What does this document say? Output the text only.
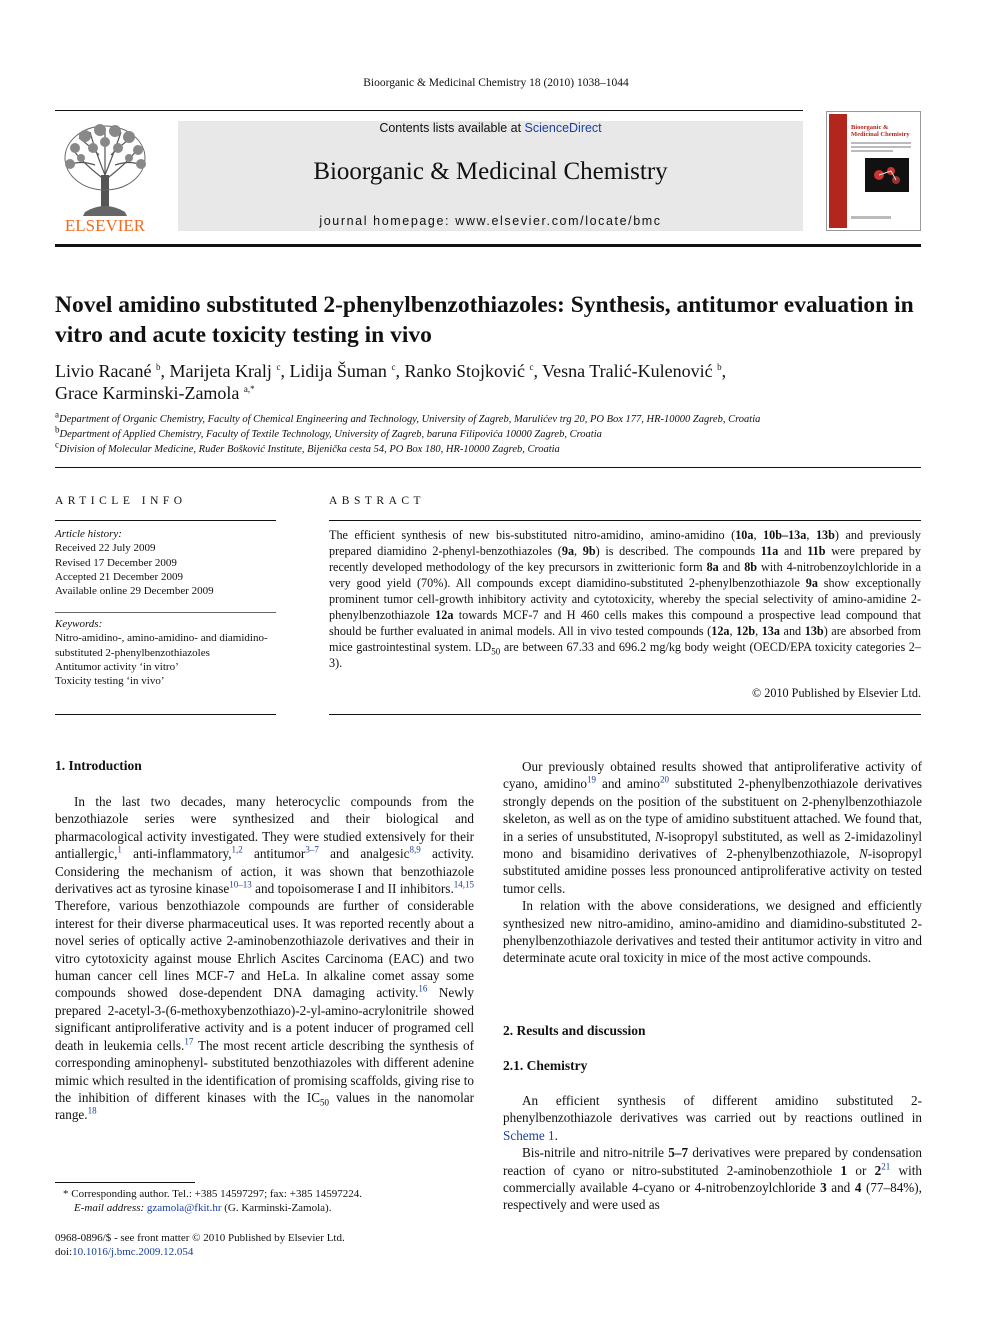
Bioorganic & Medicinal Chemistry 18 (2010) 1038–1044
ELSEVIER
Contents lists available at ScienceDirect
Bioorganic & Medicinal Chemistry
journal homepage: www.elsevier.com/locate/bmc
Bioorganic & Medicinal Chemistry
Novel amidino substituted 2-phenylbenzothiazoles: Synthesis, antitumor evaluation in vitro and acute toxicity testing in vivo
Livio Racané $^b$, Marijeta Kralj $^c$, Lidija Šuman $^c$, Ranko Stojković $^c$, Vesna Tralić-Kulenović $^b$,
Grace Karminski-Zamola $^{a,*}$
$^a$Department of Organic Chemistry, Faculty of Chemical Engineering and Technology, University of Zagreb, Marulićev trg 20, PO Box 177, HR-10000 Zagreb, Croatia
$^b$Department of Applied Chemistry, Faculty of Textile Technology, University of Zagreb, baruna Filipovića 10000 Zagreb, Croatia
$^c$Division of Molecular Medicine, Ruđer Bošković Institute, Bijenička cesta 54, PO Box 180, HR-10000 Zagreb, Croatia
ARTICLE INFO
Article history:
Received 22 July 2009
Revised 17 December 2009
Accepted 21 December 2009
Available online 29 December 2009
Keywords:
Nitro-amidino-, amino-amidino- and diamidino-substituted 2-phenylbenzothiazoles
Antitumor activity ‘in vitro’
Toxicity testing ‘in vivo’
ABSTRACT
The efficient synthesis of new bis-substituted nitro-amidino, amino-amidino (10a, 10b–13a, 13b) and previously prepared diamidino 2-phenyl-benzothiazoles (9a, 9b) is described. The compounds 11a and 11b were prepared by recently developed methodology of the key precursors in zwitterionic form 8a and 8b with 4-nitrobenzoylchloride in a very good yield (70%). All compounds except diamidino-substituted 2-phenylbenzothiazole 9a show exceptionally prominent tumor cell-growth inhibitory activity and cytotoxicity, whereby the special selectivity of amino-amidine 2-phenylbenzothiazole 12a towards MCF-7 and H 460 cells makes this compound a prospective lead compound that should be further evaluated in animal models. All in vivo tested compounds (12a, 12b, 13a and 13b) are absorbed from mice gastrointestinal system. $LD_{50}$ are between 67.33 and 696.2 mg/kg body weight (OECD/EPA toxicity categories 2–3).
© 2010 Published by Elsevier Ltd.
1. Introduction

In the last two decades, many heterocyclic compounds from the benzothiazole series were synthesized and their biological and pharmacological activity investigated. They were studied extensively for their antiallergic,$^1$ anti-inflammatory,$^{1,2}$ antitumor$^{3-7}$ and analgesic$^{8,9}$ activity. Considering the mechanism of action, it was shown that benzothiazole derivatives act as tyrosine kinase$^{10-13}$ and topoisomerase I and II inhibitors.$^{14,15}$ Therefore, various benzothiazole compounds are further of considerable interest for their diverse pharmaceutical uses. It was reported recently about a novel series of optically active 2-aminobenzothiazole derivatives and their in vitro cytotoxicity against mouse Ehrlich Ascites Carcinoma (EAC) and two human cancer cell lines MCF-7 and HeLa. In alkaline comet assay some compounds showed dose-dependent DNA damaging activity.$^{16}$ Newly prepared 2-acetyl-3-(6-methoxybenzothiazo)-2-yl-amino-acrylonitrile showed significant antiproliferative activity and is a potent inducer of programed cell death in leukemia cells.$^{17}$ The most recent article describing the synthesis of corresponding aminophenyl- substituted benzothiazoles with different adenine mimic which resulted in the identification of promising scaffolds, giving rise to the inhibition of different kinases with the $IC_{50}$ values in the nanomolar range.$^{18}$

Our previously obtained results showed that antiproliferative activity of cyano, amidino$^{19}$ and amino$^{20}$ substituted 2-phenylbenzothiazole derivatives strongly depends on the position of the substituent on 2-phenylbenzothiazole skeleton, as well as on the type of amidino substituent attached. We found that, in a series of unsubstituted, N-isopropyl substituted, as well as 2-imidazolinyl mono and bisamidino derivatives of 2-phenylbenzothiazole, N-isopropyl substituted amidine posses less pronounced antiproliferative activity on tested tumor cells.

In relation with the above considerations, we designed and efficiently synthesized new nitro-amidino, amino-amidino and diamidino-substituted 2-phenylbenzothiazole derivatives and tested their antitumor activity in vitro and determinate acute oral toxicity in mice of the most active compounds.

2. Results and discussion
2.1. Chemistry

An efficient synthesis of different amidino substituted 2-phenylbenzothiazole derivatives was carried out by reactions outlined in Scheme 1.

Bis-nitrile and nitro-nitrile 5–7 derivatives were prepared by condensation reaction of cyano or nitro-substituted 2-aminobenzothiole 1 or $2^{21}$ with commercially available 4-cyano or 4-nitrobenzoylchloride 3 and 4 (77–84%), respectively and were used as

* Corresponding author. Tel.: +385 14597297; fax: +385 14597224.
E-mail address: gzamola@fkit.hr (G. Karminski-Zamola).
0968-0896/$ - see front matter © 2010 Published by Elsevier Ltd.
doi:10.1016/j.bmc.2009.12.054
